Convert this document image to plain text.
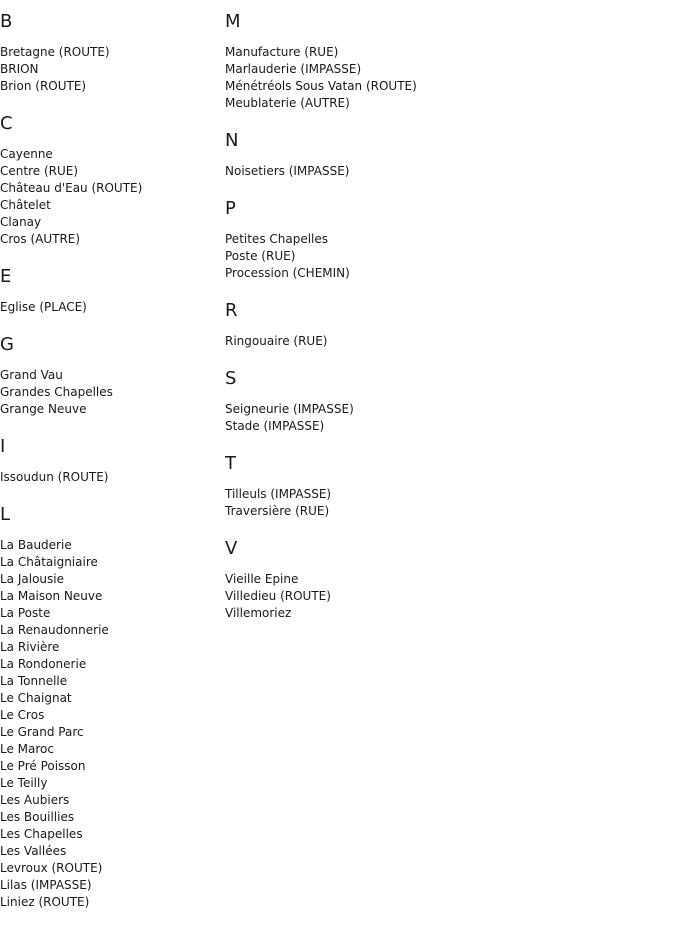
B
Bretagne (ROUTE)
BRION
Brion (ROUTE)
C
Cayenne
Centre (RUE)
Château d'Eau (ROUTE)
Châtelet
Clanay
Cros (AUTRE)
E
Eglise (PLACE)
G
Grand Vau
Grandes Chapelles
Grange Neuve
I
Issoudun (ROUTE)
L
La Bauderie
La Châtaigniaire
La Jalousie
La Maison Neuve
La Poste
La Renaudonnerie
La Rivière
La Rondonerie
La Tonnelle
Le Chaignat
Le Cros
Le Grand Parc
Le Maroc
Le Pré Poisson
Le Teilly
Les Aubiers
Les Bouillies
Les Chapelles
Les Vallées
Levroux (ROUTE)
Lilas (IMPASSE)
Liniez (ROUTE)
M
Manufacture (RUE)
Marlauderie (IMPASSE)
Ménétréols Sous Vatan (ROUTE)
Meublaterie (AUTRE)
N
Noisetiers (IMPASSE)
P
Petites Chapelles
Poste (RUE)
Procession (CHEMIN)
R
Ringouaire (RUE)
S
Seigneurie (IMPASSE)
Stade (IMPASSE)
T
Tilleuls (IMPASSE)
Traversière (RUE)
V
Vieille Epine
Villedieu (ROUTE)
Villemoriez
